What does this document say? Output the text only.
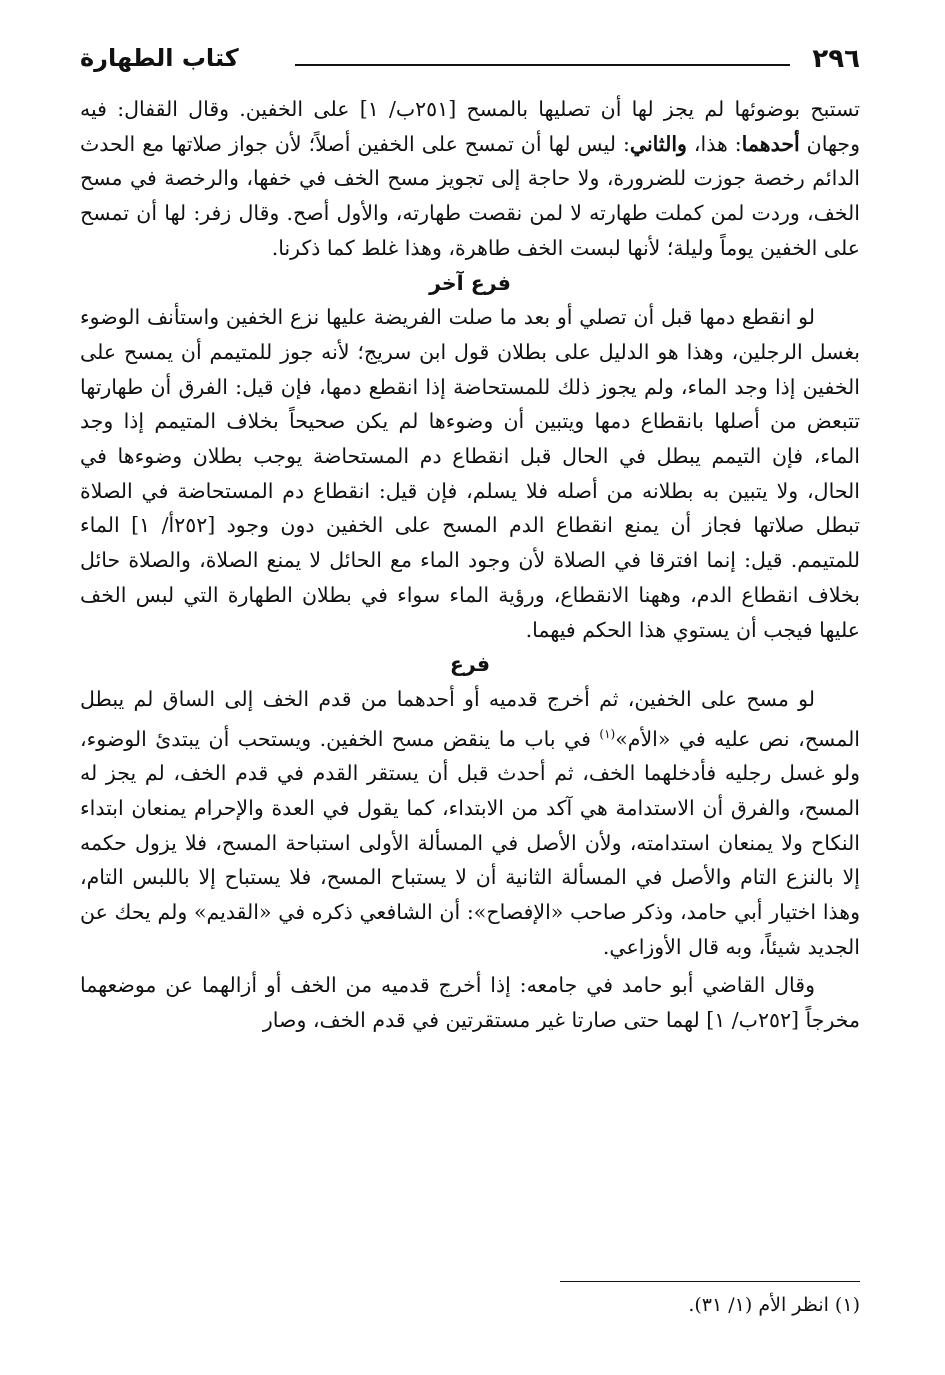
٢٩٦
كتاب الطهارة

تستبح بوضوئها لم يجز لها أن تصليها بالمسح [٢٥١ب/ ١] على الخفين. وقال القفال: فيه وجهان أحدهما: هذا، والثاني: ليس لها أن تمسح على الخفين أصلاً؛ لأن جواز صلاتها مع الحدث الدائم رخصة جوزت للضرورة، ولا حاجة إلى تجويز مسح الخف في خفها، والرخصة في مسح الخف، وردت لمن كملت طهارته لا لمن نقصت طهارته، والأول أصح. وقال زفر: لها أن تمسح على الخفين يوماً وليلة؛ لأنها لبست الخف طاهرة، وهذا غلط كما ذكرنا.

فرع آخر

لو انقطع دمها قبل أن تصلي أو بعد ما صلت الفريضة عليها نزع الخفين واستأنف الوضوء بغسل الرجلين، وهذا هو الدليل على بطلان قول ابن سريج؛ لأنه جوز للمتيمم أن يمسح على الخفين إذا وجد الماء، ولم يجوز ذلك للمستحاضة إذا انقطع دمها، فإن قيل: الفرق أن طهارتها تتبعض من أصلها بانقطاع دمها ويتبين أن وضوءها لم يكن صحيحاً بخلاف المتيمم إذا وجد الماء، فإن التيمم يبطل في الحال قبل انقطاع دم المستحاضة يوجب بطلان وضوءها في الحال، ولا يتبين به بطلانه من أصله فلا يسلم، فإن قيل: انقطاع دم المستحاضة في الصلاة تبطل صلاتها فجاز أن يمنع انقطاع الدم المسح على الخفين دون وجود [٢٥٢أ/ ١] الماء للمتيمم. قيل: إنما افترقا في الصلاة لأن وجود الماء مع الحائل لا يمنع الصلاة، والصلاة حائل بخلاف انقطاع الدم، وههنا الانقطاع، ورؤية الماء سواء في بطلان الطهارة التي لبس الخف عليها فيجب أن يستوي هذا الحكم فيهما.

فرع

لو مسح على الخفين، ثم أخرج قدميه أو أحدهما من قدم الخف إلى الساق لم يبطل المسح، نص عليه في «الأم»$^{(١)}$ في باب ما ينقض مسح الخفين. ويستحب أن يبتدئ الوضوء، ولو غسل رجليه فأدخلهما الخف، ثم أحدث قبل أن يستقر القدم في قدم الخف، لم يجز له المسح، والفرق أن الاستدامة هي آكد من الابتداء، كما يقول في العدة والإحرام يمنعان ابتداء النكاح ولا يمنعان استدامته، ولأن الأصل في المسألة الأولى استباحة المسح، فلا يزول حكمه إلا بالنزع التام والأصل في المسألة الثانية أن لا يستباح المسح، فلا يستباح إلا باللبس التام، وهذا اختيار أبي حامد، وذكر صاحب «الإفصاح»: أن الشافعي ذكره في «القديم» ولم يحك عن الجديد شيئاً، وبه قال الأوزاعي.

وقال القاضي أبو حامد في جامعه: إذا أخرج قدميه من الخف أو أزالهما عن موضعهما مخرجاً [٢٥٢ب/ ١] لهما حتى صارتا غير مستقرتين في قدم الخف، وصار

(١) انظر الأم (١/ ٣١).
